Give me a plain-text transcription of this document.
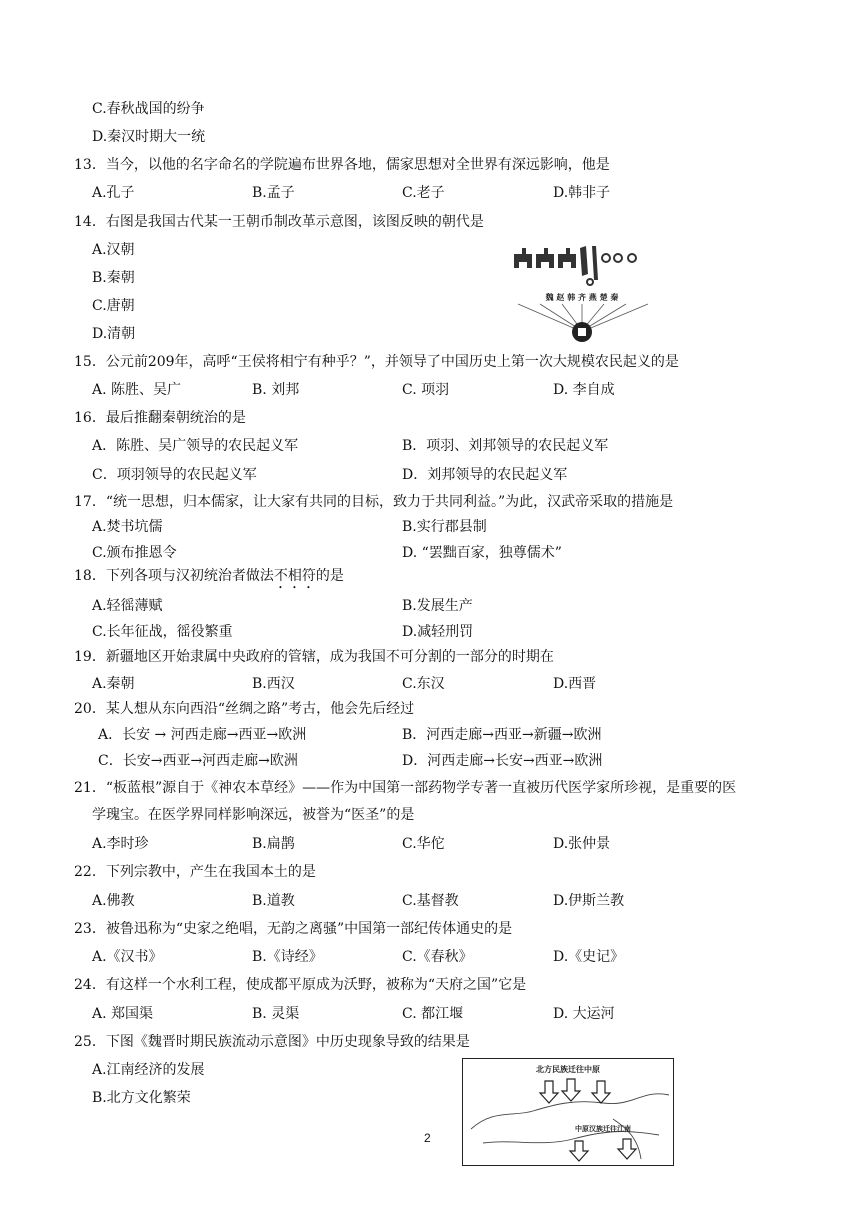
C.春秋战国的纷争
D.秦汉时期大一统
13．当今，以他的名字命名的学院遍布世界各地，儒家思想对全世界有深远影响，他是
A.孔子	B.孟子	C.老子	D.韩非子
14．右图是我国古代某一王朝币制改革示意图，该图反映的朝代是
A.汉朝
B.秦朝
C.唐朝
D.清朝
魏 赵 韩 齐 燕 楚 秦
15．公元前209年，高呼“王侯将相宁有种乎？”，并领导了中国历史上第一次大规模农民起义的是
A. 陈胜、吴广	B. 刘邦	C. 项羽	D. 李自成
16．最后推翻秦朝统治的是
A．陈胜、吴广领导的农民起义军	B．项羽、刘邦领导的农民起义军
C．项羽领导的农民起义军	D．刘邦领导的农民起义军
17．“统一思想，归本儒家，让大家有共同的目标，致力于共同利益。”为此，汉武帝采取的措施是
A.焚书坑儒	B.实行郡县制
C.颁布推恩令	D. “罢黜百家，独尊儒术”
18．下列各项与汉初统治者做法不相符的是
A.轻徭薄赋	B.发展生产
C.长年征战，徭役繁重	D.减轻刑罚
19．新疆地区开始隶属中央政府的管辖，成为我国不可分割的一部分的时期在
A.秦朝	B.西汉	C.东汉	D.西晋
20．某人想从东向西沿“丝绸之路”考古，他会先后经过
A．长安 → 河西走廊→西亚→欧洲	B．河西走廊→西亚→新疆→欧洲
C．长安→西亚→河西走廊→欧洲	D．河西走廊→长安→西亚→欧洲
21．“板蓝根”源自于《神农本草经》——作为中国第一部药物学专著一直被历代医学家所珍视，是重要的医
学瑰宝。在医学界同样影响深远，被誉为“医圣”的是
A.李时珍	B.扁鹊	C.华佗	D.张仲景
22．下列宗教中，产生在我国本土的是
A.佛教	B.道教	C.基督教	D.伊斯兰教
23．被鲁迅称为“史家之绝唱，无韵之离骚”中国第一部纪传体通史的是
A.《汉书》	B.《诗经》	C.《春秋》	D.《史记》
24．有这样一个水利工程，使成都平原成为沃野，被称为“天府之国”它是
A. 郑国渠	B. 灵渠	C. 都江堰	D. 大运河
25．下图《魏晋时期民族流动示意图》中历史现象导致的结果是
A.江南经济的发展
B.北方文化繁荣
北方民族迁往中原
中原汉族迁往江南
2
